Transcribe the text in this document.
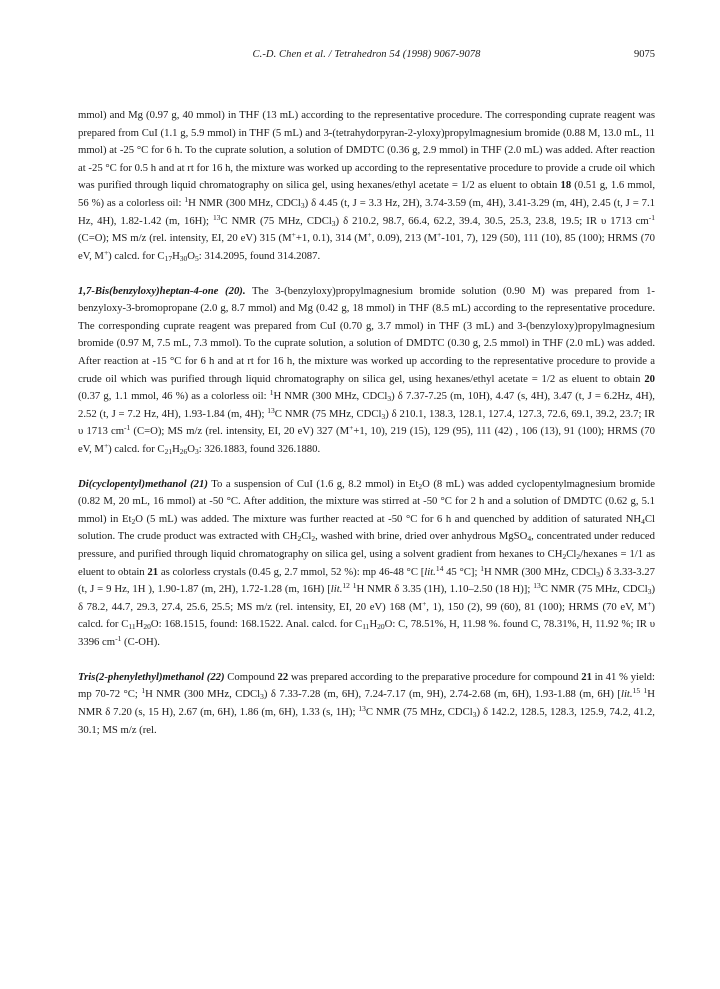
C.-D. Chen et al. / Tetrahedron 54 (1998) 9067-9078	9075

mmol) and Mg (0.97 g, 40 mmol) in THF (13 mL) according to the representative procedure. The corresponding cuprate reagent was prepared from CuI (1.1 g, 5.9 mmol) in THF (5 mL) and 3-(tetrahydorpyran-2-yloxy)propylmagnesium bromide (0.88 M, 13.0 mL, 11 mmol) at -25 °C for 6 h. To the cuprate solution, a solution of DMDTC (0.36 g, 2.9 mmol) in THF (2.0 mL) was added. After reaction at -25 °C for 0.5 h and at rt for 16 h, the mixture was worked up according to the representative procedure to provide a crude oil which was purified through liquid chromatography on silica gel, using hexanes/ethyl acetate = 1/2 as eluent to obtain 18 (0.51 g, 1.6 mmol, 56 %) as a colorless oil: $^1$H NMR (300 MHz, CDCl$_3$) δ 4.45 (t, J = 3.3 Hz, 2H), 3.74-3.59 (m, 4H), 3.41-3.29 (m, 4H), 2.45 (t, J = 7.1 Hz, 4H), 1.82-1.42 (m, 16H); $^{13}$C NMR (75 MHz, CDCl$_3$) δ 210.2, 98.7, 66.4, 62.2, 39.4, 30.5, 25.3, 23.8, 19.5; IR υ 1713 $cm^{-1}$ (C=O); MS m/z (rel. intensity, EI, 20 eV) 315 (M++1, 0.1), 314 (M+, 0.09), 213 (M+-101, 7), 129 (50), 111 (10), 85 (100); HRMS (70 eV, M+) calcd. for $C_{17}H_{30}O_5$: 314.2095, found 314.2087.

1,7-Bis(benzyloxy)heptan-4-one (20). The 3-(benzyloxy)propylmagnesium bromide solution (0.90 M) was prepared from 1-benzyloxy-3-bromopropane (2.0 g, 8.7 mmol) and Mg (0.42 g, 18 mmol) in THF (8.5 mL) according to the representative procedure. The corresponding cuprate reagent was prepared from CuI (0.70 g, 3.7 mmol) in THF (3 mL) and 3-(benzyloxy)propylmagnesium bromide (0.97 M, 7.5 mL, 7.3 mmol). To the cuprate solution, a solution of DMDTC (0.30 g, 2.5 mmol) in THF (2.0 mL) was added. After reaction at -15 °C for 6 h and at rt for 16 h, the mixture was worked up according to the representative procedure to provide a crude oil which was purified through liquid chromatography on silica gel, using hexanes/ethyl acetate = 1/2 as eluent to obtain 20 (0.37 g, 1.1 mmol, 46 %) as a colorless oil: $^1$H NMR (300 MHz, CDCl$_3$) δ 7.37-7.25 (m, 10H), 4.47 (s, 4H), 3.47 (t, J = 6.2Hz, 4H), 2.52 (t, J = 7.2 Hz, 4H), 1.93-1.84 (m, 4H); $^{13}$C NMR (75 MHz, CDCl$_3$) δ 210.1, 138.3, 128.1, 127.4, 127.3, 72.6, 69.1, 39.2, 23.7; IR υ 1713 $cm^{-1}$ (C=O); MS m/z (rel. intensity, EI, 20 eV) 327 (M++1, 10), 219 (15), 129 (95), 111 (42) , 106 (13), 91 (100); HRMS (70 eV, M+) calcd. for $C_{21}H_{26}O_3$: 326.1883, found 326.1880.

Di(cyclopentyl)methanol (21) To a suspension of CuI (1.6 g, 8.2 mmol) in $Et_2O$ (8 mL) was added cyclopentylmagnesium bromide (0.82 M, 20 mL, 16 mmol) at -50 °C. After addition, the mixture was stirred at -50 °C for 2 h and a solution of DMDTC (0.62 g, 5.1 mmol) in $Et_2O$ (5 mL) was added. The mixture was further reacted at -50 °C for 6 h and quenched by addition of saturated $NH_4Cl$ solution. The crude product was extracted with $CH_2Cl_2$, washed with brine, dried over anhydrous MgSO$_4$, concentrated under reduced pressure, and purified through liquid chromatography on silica gel, using a solvent gradient from hexanes to $CH_2Cl_2$/hexanes = 1/1 as eluent to obtain 21 as colorless crystals (0.45 g, 2.7 mmol, 52 %): mp 46-48 °C [lit.$^{14}$ 45 °C]; $^1$H NMR (300 MHz, CDCl$_3$) δ 3.33-3.27 (t, J = 9 Hz, 1H ), 1.90-1.87 (m, 2H), 1.72-1.28 (m, 16H) [lit.$^{12}$ $^1$H NMR δ 3.35 (1H), 1.10–2.50 (18 H)]; $^{13}$C NMR (75 MHz, CDCl$_3$) δ 78.2, 44.7, 29.3, 27.4, 25.6, 25.5; MS m/z (rel. intensity, EI, 20 eV) 168 (M+, 1), 150 (2), 99 (60), 81 (100); HRMS (70 eV, M+) calcd. for $C_{11}H_{20}O$: 168.1515, found: 168.1522. Anal. calcd. for $C_{11}H_{20}O$: C, 78.51%, H, 11.98 %. found C, 78.31%, H, 11.92 %; IR υ 3396 $cm^{-1}$ (C-OH).

Tris(2-phenylethyl)methanol (22) Compound 22 was prepared according to the preparative procedure for compound 21 in 41 % yield: mp 70-72 °C; $^1$H NMR (300 MHz, CDCl$_3$) δ 7.33-7.28 (m, 6H), 7.24-7.17 (m, 9H), 2.74-2.68 (m, 6H), 1.93-1.88 (m, 6H) [lit.$^{15}$ $^1$H NMR δ 7.20 (s, 15 H), 2.67 (m, 6H), 1.86 (m, 6H), 1.33 (s, 1H); $^{13}$C NMR (75 MHz, CDCl$_3$) δ 142.2, 128.5, 128.3, 125.9, 74.2, 41.2, 30.1; MS m/z (rel.
